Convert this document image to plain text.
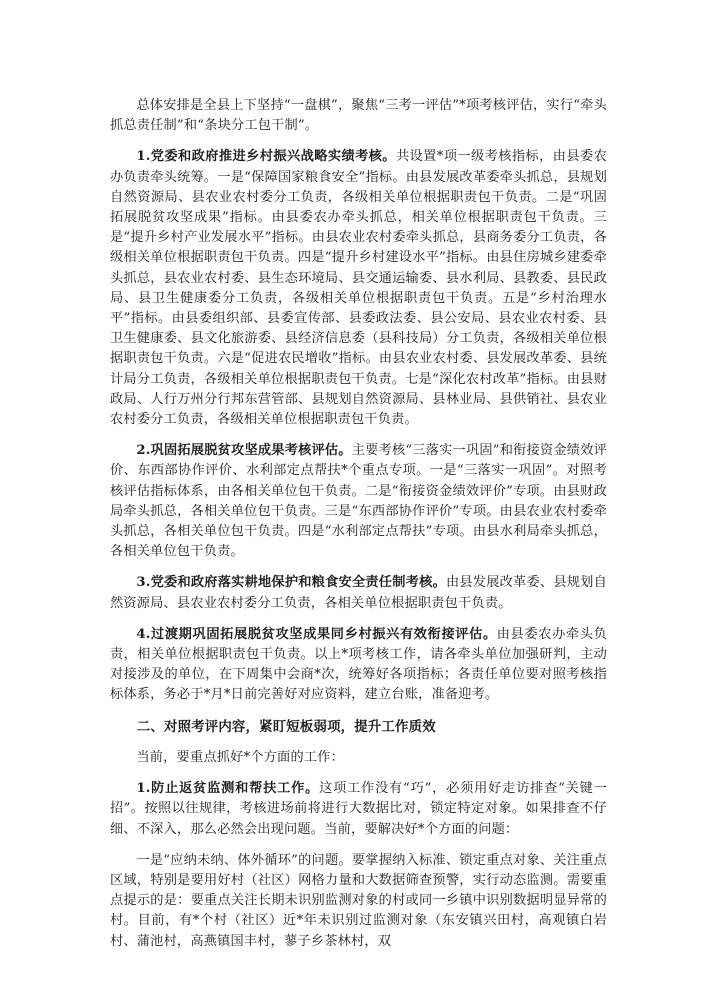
总体安排是全县上下坚持“一盘棋”，聚焦“三考一评估”*项考核评估，实行“牵头抓总责任制”和“条块分工包干制”。

1.党委和政府推进乡村振兴战略实绩考核。共设置*项一级考核指标，由县委农办负责牵头统筹。一是“保障国家粮食安全”指标。由县发展改革委牵头抓总，县规划自然资源局、县农业农村委分工负责，各级相关单位根据职责包干负责。二是“巩固拓展脱贫攻坚成果”指标。由县委农办牵头抓总，相关单位根据职责包干负责。三是“提升乡村产业发展水平”指标。由县农业农村委牵头抓总，县商务委分工负责，各级相关单位根据职责包干负责。四是“提升乡村建设水平”指标。由县住房城乡建委牵头抓总，县农业农村委、县生态环境局、县交通运输委、县水利局、县教委、县民政局、县卫生健康委分工负责，各级相关单位根据职责包干负责。五是“乡村治理水平”指标。由县委组织部、县委宣传部、县委政法委、县公安局、县农业农村委、县卫生健康委、县文化旅游委、县经济信息委（县科技局）分工负责，各级相关单位根据职责包干负责。六是“促进农民增收”指标。由县农业农村委、县发展改革委、县统计局分工负责，各级相关单位根据职责包干负责。七是“深化农村改革”指标。由县财政局、人行万州分行邦东营管部、县规划自然资源局、县林业局、县供销社、县农业农村委分工负责，各级相关单位根据职责包干负责。

2.巩固拓展脱贫攻坚成果考核评估。主要考核“三落实一巩固”和衔接资金绩效评价、东西部协作评价、水利部定点帮扶*个重点专项。一是“三落实一巩固”。对照考核评估指标体系，由各相关单位包干负责。二是“衔接资金绩效评价”专项。由县财政局牵头抓总，各相关单位包干负责。三是“东西部协作评价”专项。由县农业农村委牵头抓总，各相关单位包干负责。四是“水利部定点帮扶”专项。由县水利局牵头抓总，各相关单位包干负责。

3.党委和政府落实耕地保护和粮食安全责任制考核。由县发展改革委、县规划自然资源局、县农业农村委分工负责，各相关单位根据职责包干负责。

4.过渡期巩固拓展脱贫攻坚成果同乡村振兴有效衔接评估。由县委农办牵头负责，相关单位根据职责包干负责。以上*项考核工作，请各牵头单位加强研判，主动对接涉及的单位，在下周集中会商*次，统筹好各项指标；各责任单位要对照考核指标体系，务必于*月*日前完善好对应资料，建立台账，准备迎考。

二、对照考评内容，紧盯短板弱项，提升工作质效

当前，要重点抓好*个方面的工作：

1.防止返贫监测和帮扶工作。这项工作没有“巧”，必须用好走访排查“关键一招”。按照以往规律，考核进场前将进行大数据比对，锁定特定对象。如果排查不仔细、不深入，那么必然会出现问题。当前，要解决好*个方面的问题：

一是“应纳未纳、体外循环”的问题。要掌握纳入标准、锁定重点对象、关注重点区域，特别是要用好村（社区）网格力量和大数据筛查预警，实行动态监测。需要重点提示的是：要重点关注长期未识别监测对象的村或同一乡镇中识别数据明显异常的村。目前，有*个村（社区）近*年未识别过监测对象（东安镇兴田村，高观镇白岩村、蒲池村，高燕镇国丰村，蓼子乡茶林村，双
